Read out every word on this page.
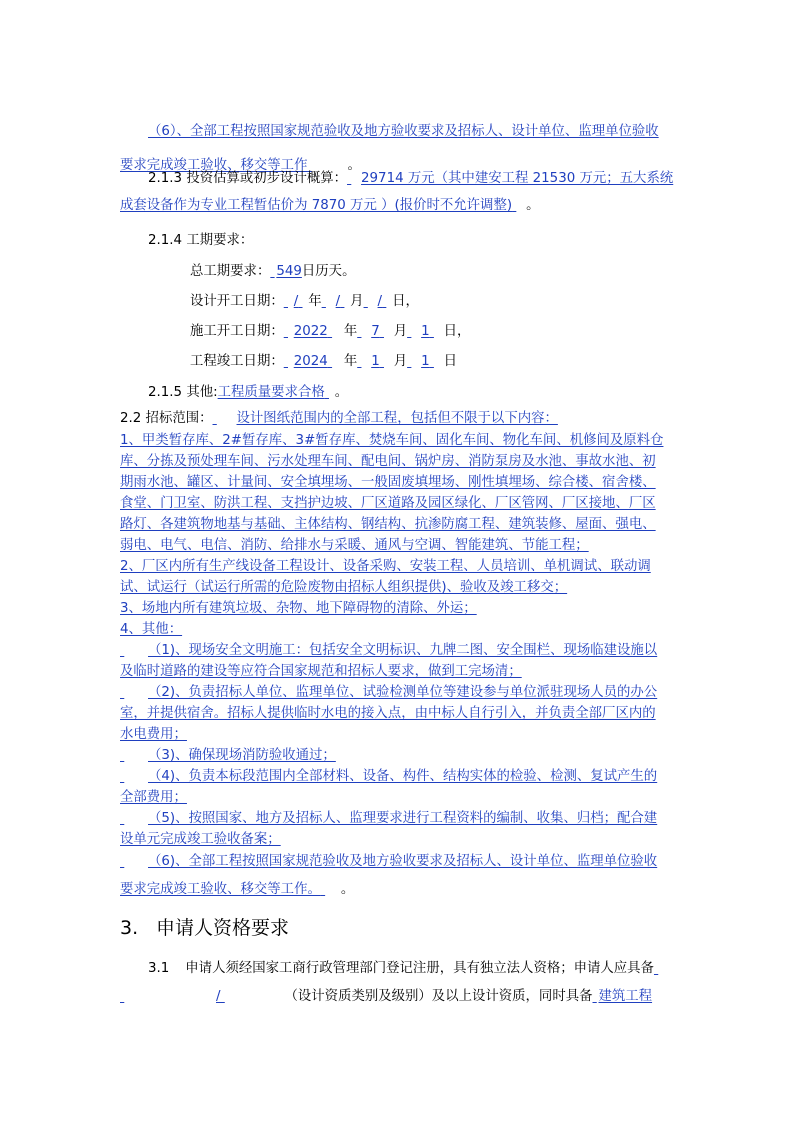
（6）、全部工程按照国家规范验收及地方验收要求及招标人、设计单位、监理单位验收
要求完成竣工验收、移交等工作	。
2.1.3 投资估算或初步设计概算： 29714 万元（其中建安工程 21530 万元；五大系统
成套设备作为专业工程暂估价为 7870 万元 ）(报价时不允许调整) 。
2.1.4 工期要求：
总工期要求： 549日历天。
设计开工日期： / 年 / 月 / 日，
施工开工日期： 2022 年 7 月 1 日，
工程竣工日期： 2024 年 1 月 1 日
2.1.5 其他:工程质量要求合格 。
2.2 招标范围： 设计图纸范围内的全部工程，包括但不限于以下内容：
1、甲类暂存库、2#暂存库、3#暂存库、焚烧车间、固化车间、物化车间、机修间及原料仓
库、分拣及预处理车间、污水处理车间、配电间、锅炉房、消防泵房及水池、事故水池、初
期雨水池、罐区、计量间、安全填埋场、一般固废填埋场、刚性填埋场、综合楼、宿舍楼、
食堂、门卫室、防洪工程、支挡护边坡、厂区道路及园区绿化、厂区管网、厂区接地、厂区
路灯、各建筑物地基与基础、主体结构、钢结构、抗渗防腐工程、建筑装修、屋面、强电、
弱电、电气、电信、消防、给排水与采暖、通风与空调、智能建筑、节能工程；
2、厂区内所有生产线设备工程设计、设备采购、安装工程、人员培训、单机调试、联动调
试、试运行（试运行所需的危险废物由招标人组织提供)、验收及竣工移交；
3、场地内所有建筑垃圾、杂物、地下障碍物的清除、外运；
4、其他：
（1)、现场安全文明施工：包括安全文明标识、九牌二图、安全围栏、现场临建设施以
及临时道路的建设等应符合国家规范和招标人要求，做到工完场清；
（2)、负责招标人单位、监理单位、试验检测单位等建设参与单位派驻现场人员的办公
室，并提供宿舍。招标人提供临时水电的接入点，由中标人自行引入，并负责全部厂区内的
水电费用；
（3)、确保现场消防验收通过；
（4)、负责本标段范围内全部材料、设备、构件、结构实体的检验、检测、复试产生的
全部费用；
（5)、按照国家、地方及招标人、监理要求进行工程资料的编制、收集、归档；配合建
设单元完成竣工验收备案；
（6)、全部工程按照国家规范验收及地方验收要求及招标人、设计单位、监理单位验收
要求完成竣工验收、移交等工作。 。
3. 申请人资格要求
3.1 申请人须经国家工商行政管理部门登记注册，具有独立法人资格；申请人应具备
/	（设计资质类别及级别）及以上设计资质，同时具备 建筑工程
